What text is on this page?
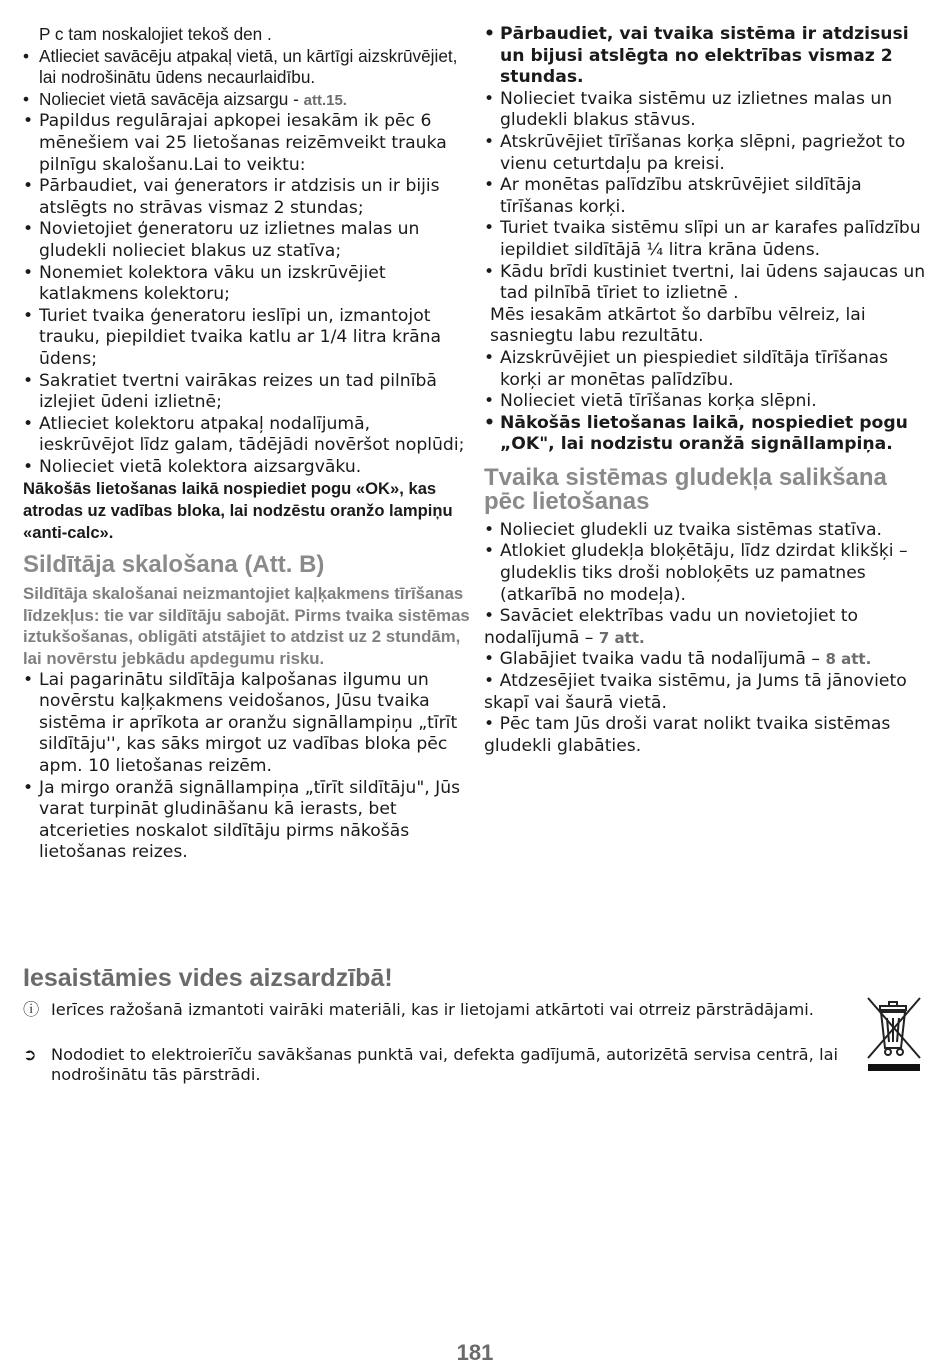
P c tam noskalojiet tekoš den .

• Atlieciet savācēju atpakaļ vietā, un kārtīgi aizskrūvējiet, lai nodrošinātu ūdens necaurlaidību.

• Nolieciet vietā savācēja aizsargu - att.15.

• Papildus regulārajai apkopei iesakām ik pēc 6 mēnešiem vai 25 lietošanas reizēmveikt trauka pilnīgu skalošanu.Lai to veiktu:

• Pārbaudiet, vai ģenerators ir atdzisis un ir bijis atslēgts no strāvas vismaz 2 stundas;

• Novietojiet ģeneratoru uz izlietnes malas un gludekli nolieciet blakus uz statīva;

• Nonemiet kolektora vāku un izskrūvējiet katlakmens kolektoru;

• Turiet tvaika ģeneratoru ieslīpi un, izmantojot trauku, piepildiet tvaika katlu ar 1/4 litra krāna ūdens;

• Sakratiet tvertni vairākas reizes un tad pilnībā izlejiet ūdeni izlietnē;

• Atlieciet kolektoru atpakaļ nodalījumā, ieskrūvējot līdz galam, tādējādi novēršot noplūdi;

• Nolieciet vietā kolektora aizsargvāku.

Nākošās lietošanas laikā nospiediet pogu «OK», kas atrodas uz vadības bloka, lai nodzēstu oranžo lampiņu «anti-calc».

Sildītāja skalošana (Att. B)

Sildītāja skalošanai neizmantojiet kaļķakmens tīrīšanas līdzekļus: tie var sildītāju sabojāt. Pirms tvaika sistēmas iztukšošanas, obligāti atstājiet to atdzist uz 2 stundām, lai novērstu jebkādu apdegumu risku.

• Lai pagarinātu sildītāja kalpošanas ilgumu un novērstu kaļķakmens veidošanos, Jūsu tvaika sistēma ir aprīkota ar oranžu signāllampiņu „tīrīt sildītāju'', kas sāks mirgot uz vadības bloka pēc apm. 10 lietošanas reizēm.

• Ja mirgo oranžā signāllampiņa „tīrīt sildītāju", Jūs varat turpināt gludināšanu kā ierasts, bet atcerieties noskalot sildītāju pirms nākošās lietošanas reizes.

• Pārbaudiet, vai tvaika sistēma ir atdzisusi un bijusi atslēgta no elektrības vismaz 2 stundas.

• Nolieciet tvaika sistēmu uz izlietnes malas un gludekli blakus stāvus.

• Atskrūvējiet tīrīšanas korķa slēpni, pagriežot to vienu ceturtdaļu pa kreisi.

• Ar monētas palīdzību atskrūvējiet sildītāja tīrīšanas korķi.

• Turiet tvaika sistēmu slīpi un ar karafes palīdzību iepildiet sildītājā ¼ litra krāna ūdens.

• Kādu brīdi kustiniet tvertni, lai ūdens sajaucas un tad pilnībā tīriet to izlietnē .

Mēs iesakām atkārtot šo darbību vēlreiz, lai sasniegtu labu rezultātu.

• Aizskrūvējiet un piespiediet sildītāja tīrīšanas korķi ar monētas palīdzību.

• Nolieciet vietā tīrīšanas korķa slēpni.

• Nākošās lietošanas laikā, nospiediet pogu „OK", lai nodzistu oranžā signāllampiņa.

Tvaika sistēmas gludekļa salikšana pēc lietošanas

• Nolieciet gludekli uz tvaika sistēmas statīva.

• Atlokiet gludekļa bloķētāju, līdz dzirdat klikšķi – gludeklis tiks droši nobloķēts uz pamatnes (atkarībā no modeļa).

• Savāciet elektrības vadu un novietojiet to nodalījumā – 7 att.

• Glabājiet tvaika vadu tā nodalījumā – 8 att.

• Atdzesējiet tvaika sistēmu, ja Jums tā jānovieto skapī vai šaurā vietā.

• Pēc tam Jūs droši varat nolikt tvaika sistēmas gludekli glabāties.

Iesaistāmies vides aizsardzībā!
ⓘ Ierīces ražošanā izmantoti vairāki materiāli, kas ir lietojami atkārtoti vai otrreiz pārstrādājami.
➲ Nododiet to elektroierīču savākšanas punktā vai, defekta gadījumā, autorizētā servisa centrā, lai nodrošinātu tās pārstrādi.
181
